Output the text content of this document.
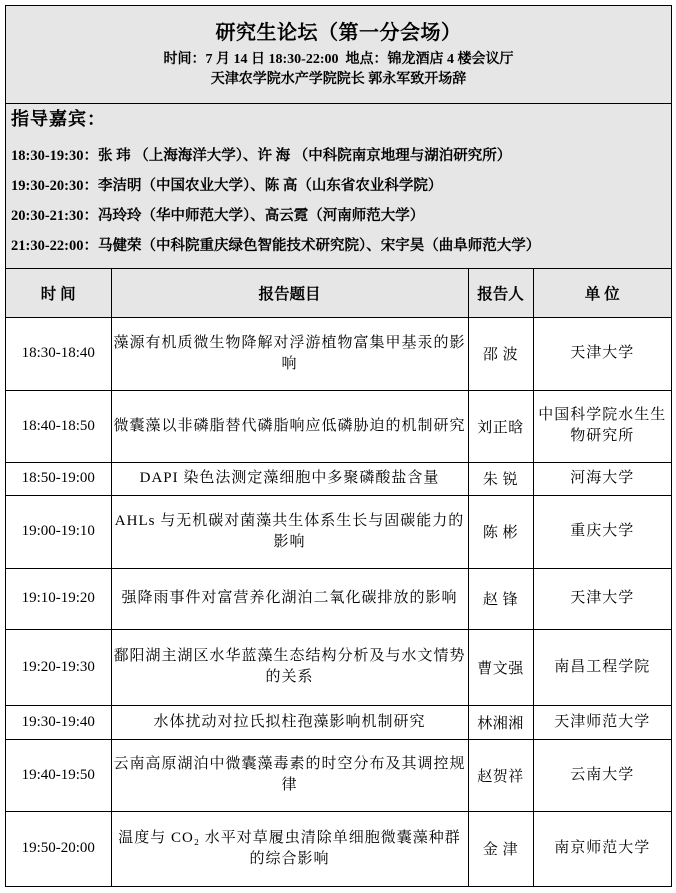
研究生论坛（第一分会场）
时间：7 月 14 日 18:30-22:00  地点：锦龙酒店 4 楼会议厅
天津农学院水产学院院长 郭永军致开场辞
指导嘉宾：
18:30-19:30：张 玮 （上海海洋大学）、许 海 （中科院南京地理与湖泊研究所）
19:30-20:30：李洁明（中国农业大学）、陈 高（山东省农业科学院）
20:30-21:30：冯玲玲（华中师范大学）、高云霓（河南师范大学）
21:30-22:00：马健荣（中科院重庆绿色智能技术研究院）、宋宇昊（曲阜师范大学）
时 间	报告题目	报告人	单 位
18:30-18:40	藻源有机质微生物降解对浮游植物富集甲基汞的影响	邵 波	天津大学
18:40-18:50	微囊藻以非磷脂替代磷脂响应低磷胁迫的机制研究	刘正晗	中国科学院水生生物研究所
18:50-19:00	DAPI 染色法测定藻细胞中多聚磷酸盐含量	朱 锐	河海大学
19:00-19:10	AHLs 与无机碳对菌藻共生体系生长与固碳能力的影响	陈 彬	重庆大学
19:10-19:20	强降雨事件对富营养化湖泊二氧化碳排放的影响	赵 锋	天津大学
19:20-19:30	鄱阳湖主湖区水华蓝藻生态结构分析及与水文情势的关系	曹文强	南昌工程学院
19:30-19:40	水体扰动对拉氏拟柱孢藻影响机制研究	林湘湘	天津师范大学
19:40-19:50	云南高原湖泊中微囊藻毒素的时空分布及其调控规律	赵贺祥	云南大学
19:50-20:00	温度与 CO₂ 水平对草履虫清除单细胞微囊藻种群的综合影响	金 津	南京师范大学
